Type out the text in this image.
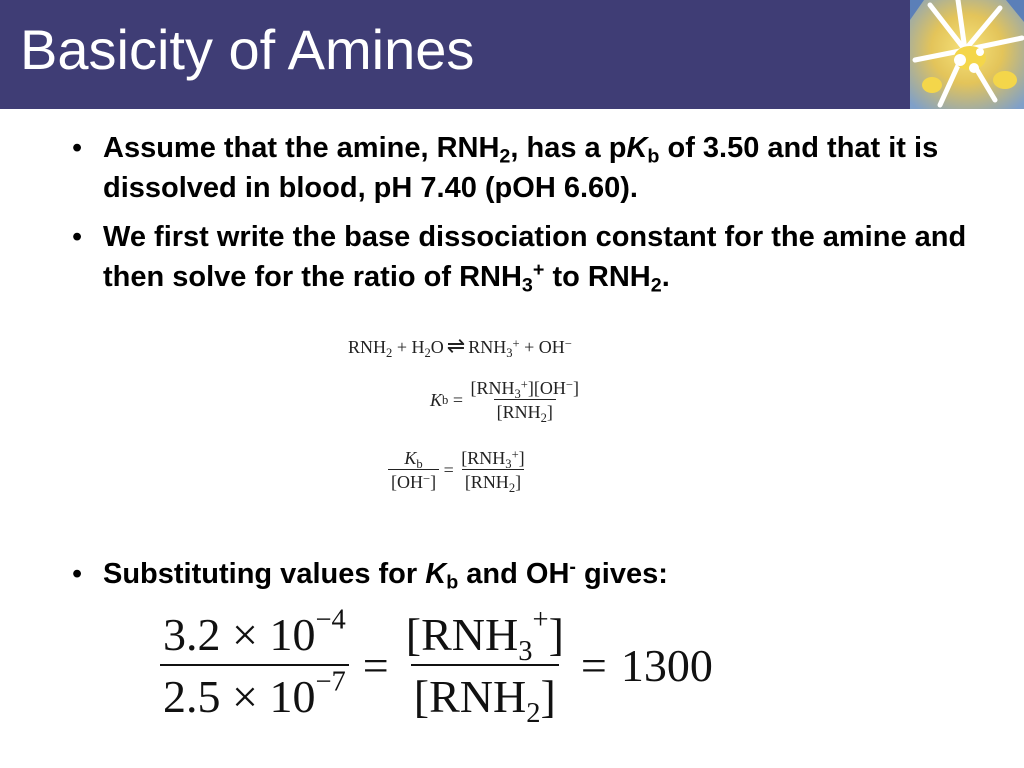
Basicity of Amines

• Assume that the amine, $RNH_2$, has a $pK_b$ of 3.50 and that it is dissolved in blood, pH 7.40 (pOH 6.60).

• We first write the base dissociation constant for the amine and then solve for the ratio of $RNH_3^+$ to $RNH_2$.

$RNH_2 + H_2O$ ⇌ $RNH_3^+ + OH^-$
K $b = \frac{[RNH_3^+][OH^-]}{[RNH_2]}$
$\frac{K_b}{[OH^-]} = \frac{[RNH_3^+]}{[RNH_2]}$

• Substituting values for $K_b$ and OH- gives:

$\frac{3.2 \times 10^{-4}}{2.5 \times 10^{-7}} = \frac{[RNH_3^+]}{[RNH_2]} = 1300$
